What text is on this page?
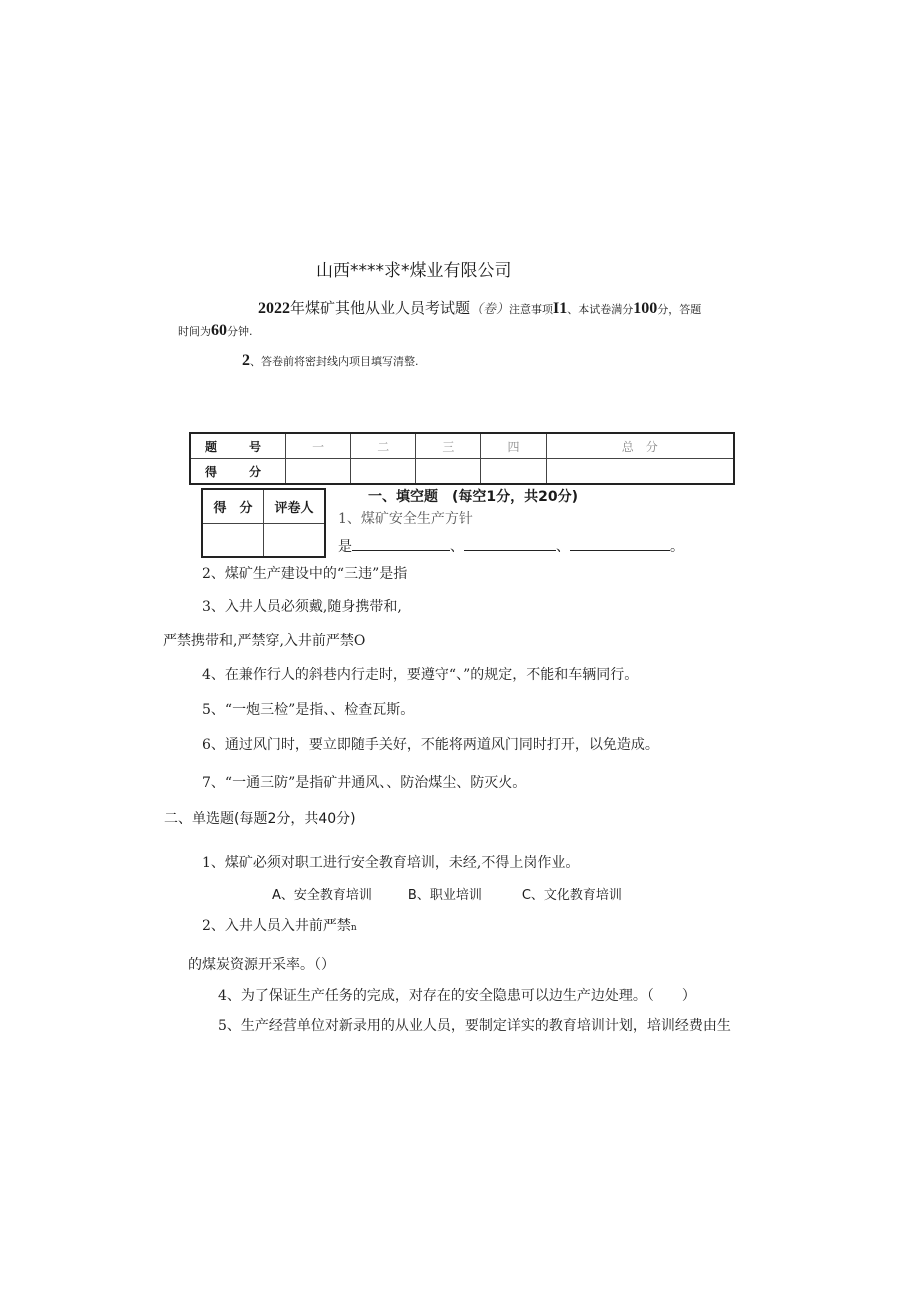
山西****求*煤业有限公司
2022年煤矿其他从业人员考试题（卷）注意事项I1、本试卷满分100分，答题
时间为60分钟.
2、答卷前将密封线内项目填写清整.
题　号	一	二	三	四	总　分
得　分					
得　分	评卷人

一、填空题　(每空1分，共20分)
1、煤矿安全生产方针
是	、	、	。
2、煤矿生产建设中的“三违”是指
3、入井人员必须戴,随身携带和,
严禁携带和,严禁穿,入井前严禁O
4、在兼作行人的斜巷内行走时，要遵守“、”的规定，不能和车辆同行。
5、“一炮三检”是指、、检查瓦斯。
6、通过风门时，要立即随手关好，不能将两道风门同时打开，以免造成。
7、“一通三防”是指矿井通风、、防治煤尘、防灭火。
二、单选题(每题2分，共40分)
1、煤矿必须对职工进行安全教育培训，未经,不得上岗作业。
A、安全教育培训	B、职业培训	C、文化教育培训
2、入井人员入井前严禁n
的煤炭资源开采率。（）
4、为了保证生产任务的完成，对存在的安全隐患可以边生产边处理。（　　）
5、生产经营单位对新录用的从业人员，要制定详实的教育培训计划，培训经费由生
